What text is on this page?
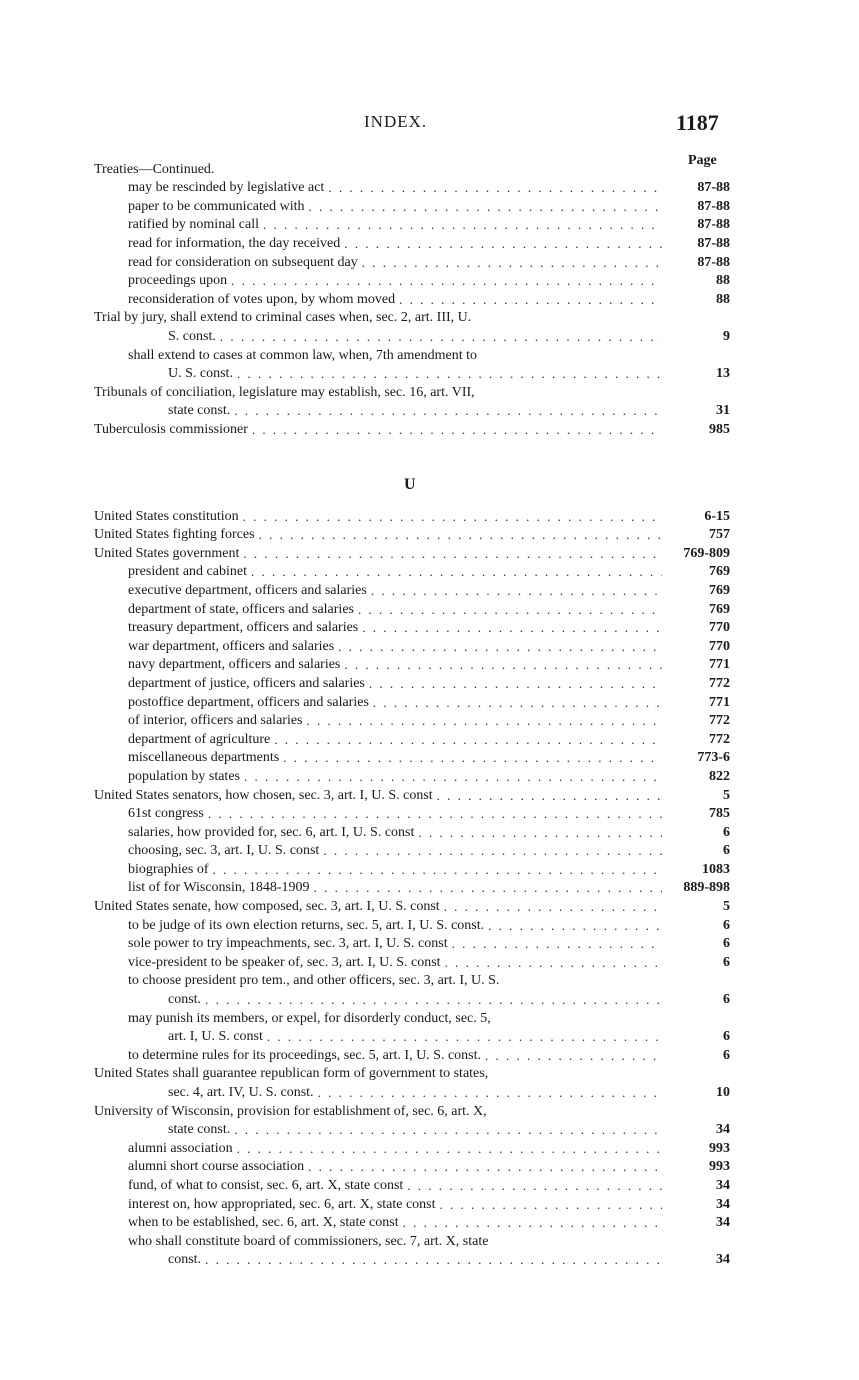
INDEX.	1187
Page
Treaties—Continued.
may be rescinded by legislative act . . .	87-88
paper to be communicated with . . .	87-88
ratified by nominal call . . .	87-88
read for information, the day received . . .	87-88
read for consideration on subsequent day . . .	87-88
proceedings upon . . .	88
reconsideration of votes upon, by whom moved . . .	88
Trial by jury, shall extend to criminal cases when, sec. 2, art. III, U.
S. const. . . .	9
shall extend to cases at common law, when, 7th amendment to
U. S. const. . . .	13
Tribunals of conciliation, legislature may establish, sec. 16, art. VII,
state const. . . .	31
Tuberculosis commissioner . . .	985
U
United States constitution . . .	6-15
United States fighting forces . . .	757
United States government . . .	769-809
president and cabinet . . .	769
executive department, officers and salaries . . .	769
department of state, officers and salaries . . .	769
treasury department, officers and salaries . . .	770
war department, officers and salaries . . .	770
navy department, officers and salaries . . .	771
department of justice, officers and salaries . . .	772
postoffice department, officers and salaries . . .	771
of interior, officers and salaries . . .	772
department of agriculture . . .	772
miscellaneous departments . . .	773-6
population by states . . .	822
United States senators, how chosen, sec. 3, art. I, U. S. const . . .	5
61st congress . . .	785
salaries, how provided for, sec. 6, art. I, U. S. const . . .	6
choosing, sec. 3, art. I, U. S. const . . .	6
biographies of . . .	1083
list of for Wisconsin, 1848-1909 . . .	889-898
United States senate, how composed, sec. 3, art. I, U. S. const . . .	5
to be judge of its own election returns, sec. 5, art. I, U. S. const. . . .	6
sole power to try impeachments, sec. 3, art. I, U. S. const . . .	6
vice-president to be speaker of, sec. 3, art. I, U. S. const . . .	6
to choose president pro tem., and other officers, sec. 3, art. I, U. S.
const. . . .	6
may punish its members, or expel, for disorderly conduct, sec. 5,
art. I, U. S. const . . .	6
to determine rules for its proceedings, sec. 5, art. I, U. S. const. . . .	6
United States shall guarantee republican form of government to states,
sec. 4, art. IV, U. S. const. . . .	10
University of Wisconsin, provision for establishment of, sec. 6, art. X,
state const. . . .	34
alumni association . . .	993
alumni short course association . . .	993
fund, of what to consist, sec. 6, art. X, state const . . .	34
interest on, how appropriated, sec. 6, art. X, state const . . .	34
when to be established, sec. 6, art. X, state const . . .	34
who shall constitute board of commissioners, sec. 7, art. X, state
const. . . .	34
